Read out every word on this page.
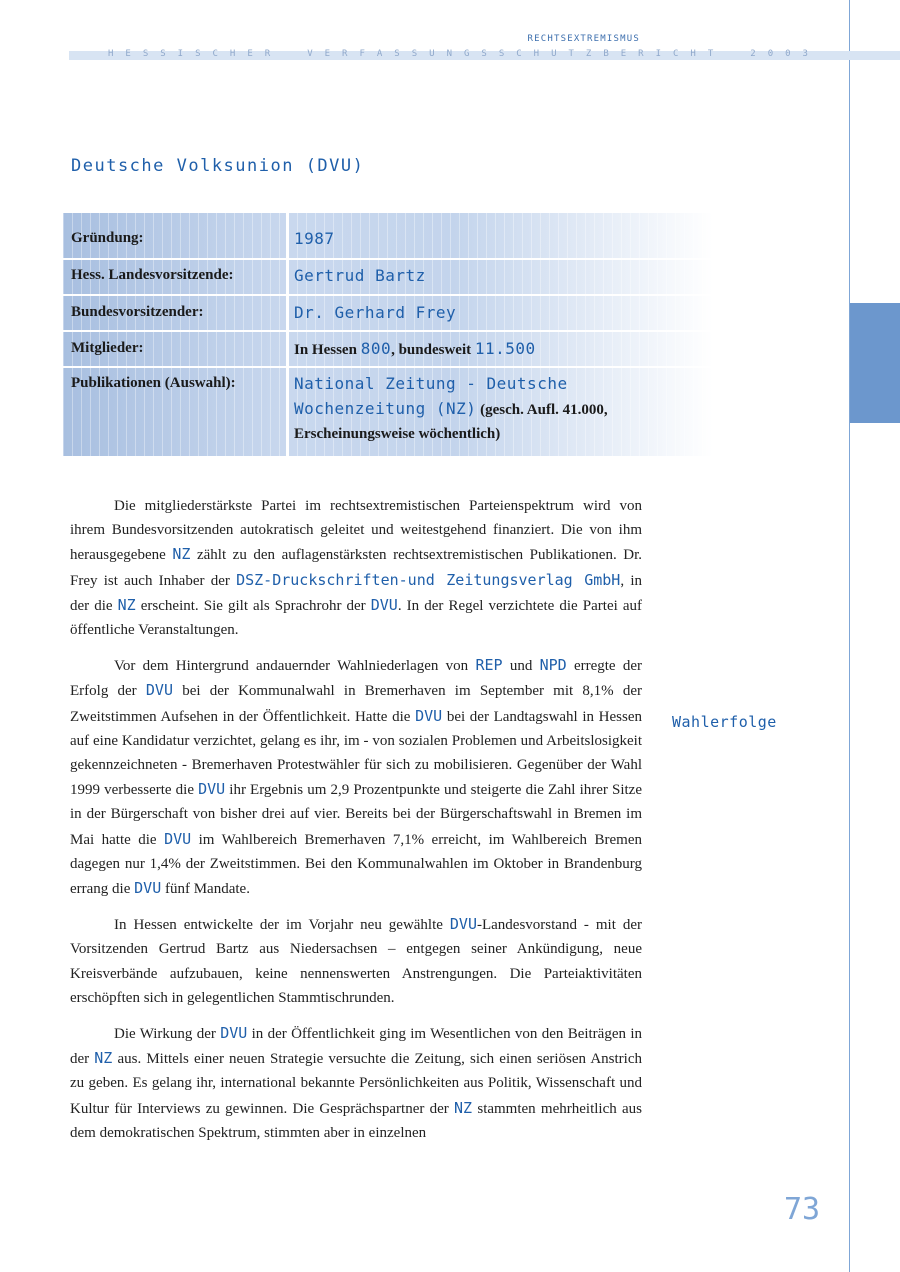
RECHTSEXTREMISMUS
HESSISCHER	VERFASSUNGSSCHUTZBERICHT	2003
Deutsche Volksunion (DVU)
Gründung:	1987
Hess. Landesvorsitzende:	Gertrud Bartz
Bundesvorsitzender:	Dr. Gerhard Frey
Mitglieder:	In Hessen 800, bundesweit 11.500
Publikationen (Auswahl):	National Zeitung - Deutsche
Wochenzeitung (NZ) (gesch. Aufl. 41.000,
Erscheinungsweise wöchentlich)

Die mitgliederstärkste Partei im rechtsextremistischen Parteienspektrum wird von ihrem Bundesvorsitzenden autokratisch geleitet und weitestgehend finanziert. Die von ihm herausgegebene NZ zählt zu den auflagenstärksten rechtsextremistischen Publikationen. Dr. Frey ist auch Inhaber der DSZ-Druckschriften-und Zeitungsverlag GmbH, in der die NZ erscheint. Sie gilt als Sprachrohr der DVU. In der Regel verzichtete die Partei auf öffentliche Veranstaltungen.

Vor dem Hintergrund andauernder Wahlniederlagen von REP und NPD erregte der Erfolg der DVU bei der Kommunalwahl in Bremerhaven im September mit 8,1% der Zweitstimmen Aufsehen in der Öffentlichkeit. Hatte die DVU bei der Landtagswahl in Hessen auf eine Kandidatur verzichtet, gelang es ihr, im - von sozialen Problemen und Arbeitslosigkeit gekennzeichneten - Bremerhaven Protestwähler für sich zu mobilisieren. Gegenüber der Wahl 1999 verbesserte die DVU ihr Ergebnis um 2,9 Prozentpunkte und steigerte die Zahl ihrer Sitze in der Bürgerschaft von bisher drei auf vier. Bereits bei der Bürgerschaftswahl in Bremen im Mai hatte die DVU im Wahlbereich Bremerhaven 7,1% erreicht, im Wahlbereich Bremen dagegen nur 1,4% der Zweitstimmen. Bei den Kommunalwahlen im Oktober in Brandenburg errang die DVU fünf Mandate.

In Hessen entwickelte der im Vorjahr neu gewählte DVU-Landesvorstand - mit der Vorsitzenden Gertrud Bartz aus Niedersachsen – entgegen seiner Ankündigung, neue Kreisverbände aufzubauen, keine nennenswerten Anstrengungen. Die Parteiaktivitäten erschöpften sich in gelegentlichen Stammtischrunden.

Die Wirkung der DVU in der Öffentlichkeit ging im Wesentlichen von den Beiträgen in der NZ aus. Mittels einer neuen Strategie versuchte die Zeitung, sich einen seriösen Anstrich zu geben. Es gelang ihr, international bekannte Persönlichkeiten aus Politik, Wissenschaft und Kultur für Interviews zu gewinnen. Die Gesprächspartner der NZ stammten mehrheitlich aus dem demokratischen Spektrum, stimmten aber in einzelnen

Wahlerfolge
73
